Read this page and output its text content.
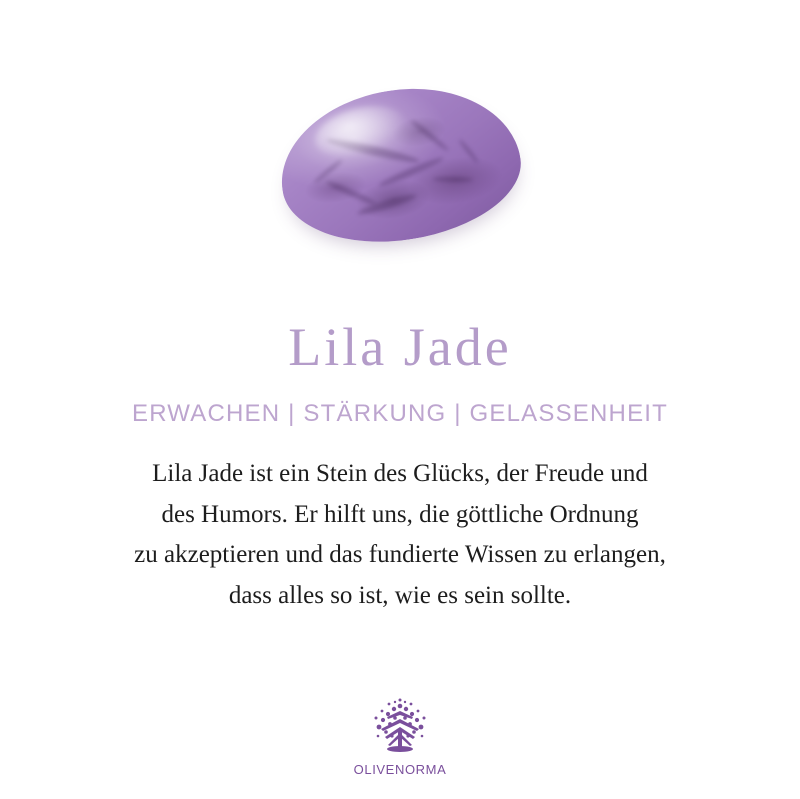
Lila Jade
ERWACHEN | STÄRKUNG | GELASSENHEIT
Lila Jade ist ein Stein des Glücks, der Freude und
des Humors. Er hilft uns, die göttliche Ordnung
zu akzeptieren und das fundierte Wissen zu erlangen,
dass alles so ist, wie es sein sollte.
OLIVENORMA
